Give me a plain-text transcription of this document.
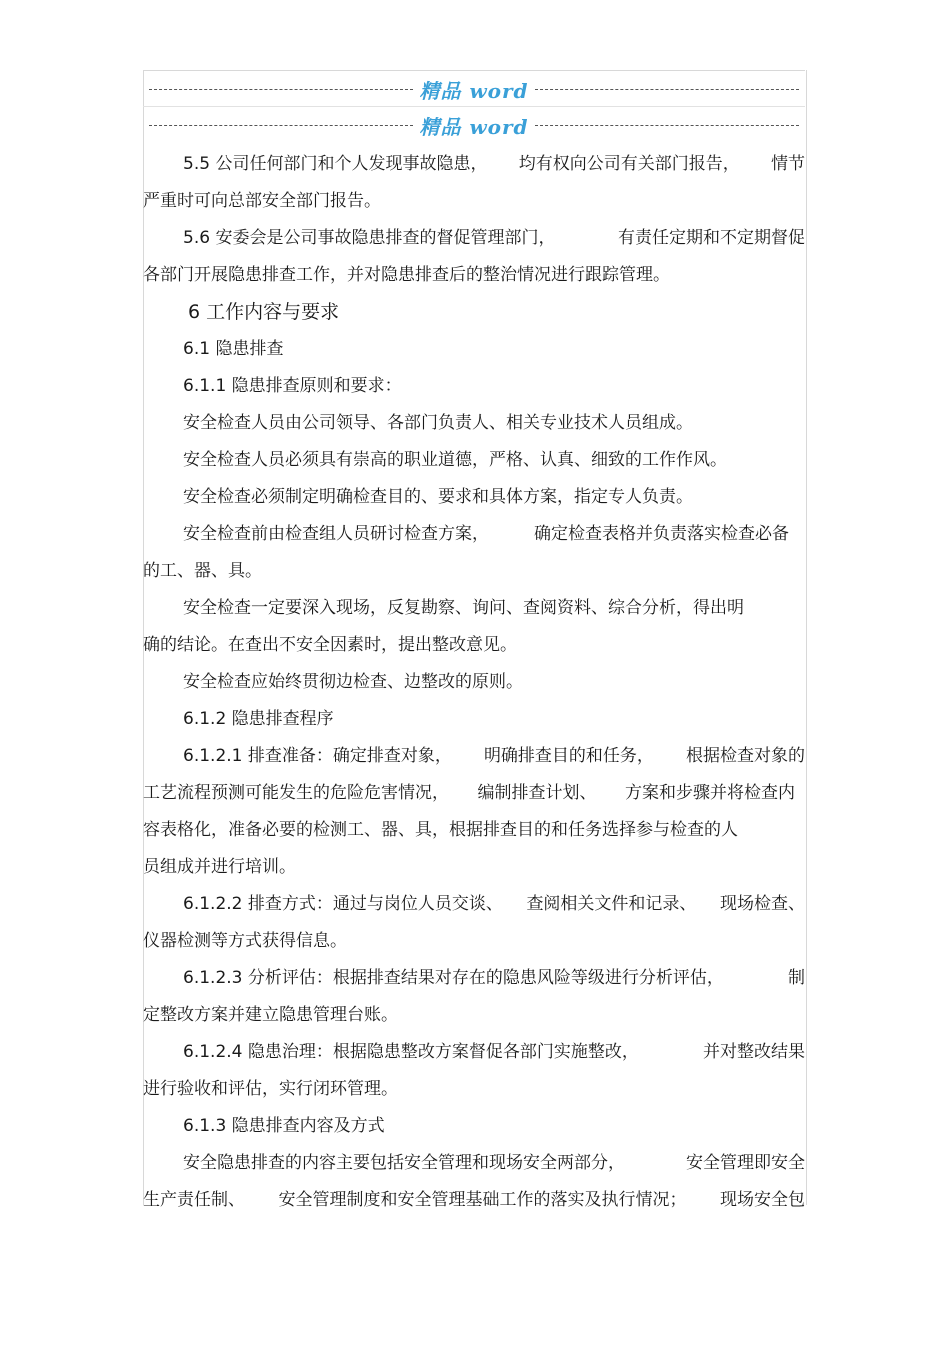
精品 word
精品 word
5.5 公司任何部门和个人发现事故隐患， 均有权向公司有关部门报告， 情节
严重时可向总部安全部门报告。
5.6 安委会是公司事故隐患排查的督促管理部门，	有责任定期和不定期督促
各部门开展隐患排查工作，并对隐患排查后的整治情况进行跟踪管理。
6 工作内容与要求
6.1 隐患排查
6.1.1 隐患排查原则和要求：
安全检查人员由公司领导、各部门负责人、相关专业技术人员组成。
安全检查人员必须具有崇高的职业道德，严格、认真、细致的工作作风。
安全检查必须制定明确检查目的、要求和具体方案，指定专人负责。
安全检查前由检查组人员研讨检查方案，	确定检查表格并负责落实检查必备
的工、器、具。
安全检查一定要深入现场，反复勘察、询问、查阅资料、综合分析，得出明
确的结论。在查出不安全因素时，提出整改意见。
安全检查应始终贯彻边检查、边整改的原则。
6.1.2 隐患排查程序
6.1.2.1 排查准备：确定排查对象， 明确排查目的和任务， 根据检查对象的
工艺流程预测可能发生的危险危害情况， 编制排查计划、 方案和步骤并将检查内
容表格化，准备必要的检测工、器、具，根据排查目的和任务选择参与检查的人
员组成并进行培训。
6.1.2.2 排查方式：通过与岗位人员交谈、 查阅相关文件和记录、 现场检查、
仪器检测等方式获得信息。
6.1.2.3 分析评估：根据排查结果对存在的隐患风险等级进行分析评估，	制
定整改方案并建立隐患管理台账。
6.1.2.4 隐患治理：根据隐患整改方案督促各部门实施整改，	并对整改结果
进行验收和评估，实行闭环管理。
6.1.3 隐患排查内容及方式
安全隐患排查的内容主要包括安全管理和现场安全两部分，	安全管理即安全
生产责任制、 安全管理制度和安全管理基础工作的落实及执行情况； 现场安全包
